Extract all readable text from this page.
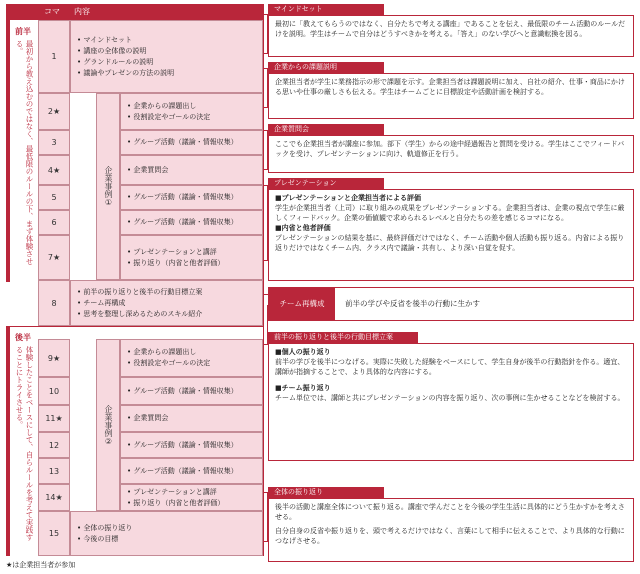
コマ	内容
前半
最初から教え込むのではなく、最低限のルールの下、まず体験させる。
後半
体験したことをベースにして、自らルールを考えて実践することにトライさせる。
1
• マインドセット
• 講座の全体像の説明
• グランドルールの説明
• 議論やプレゼンの方法の説明
2★
• 企業からの課題出し
• 役割設定やゴールの決定
3	• グループ活動（議論・情報収集）
4★	• 企業質問会
5	• グループ活動（議論・情報収集）
6	• グループ活動（議論・情報収集）
7★
• プレゼンテーションと講評
• 振り返り（内省と他者評価）
8
• 前半の振り返りと後半の行動目標立案
• チーム再構成
• 思考を整理し深めるためのスキル紹介
9★
• 企業からの課題出し
• 役割設定やゴールの決定
10	• グループ活動（議論・情報収集）
11★	• 企業質問会
12	• グループ活動（議論・情報収集）
13	• グループ活動（議論・情報収集）
14★
• プレゼンテーションと講評
• 振り返り（内省と他者評価）
15
• 全体の振り返り
• 今後の目標
企業事例①
企業事例②
★は企業担当者が参加
マインドセット

最初に「教えてもらうのではなく、自分たちで考える講座」であることを伝え、最低限のチーム活動のルールだけを説明。学生はチームで自分はどうすべきかを考える。「答え」のない学びへと意識転換を図る。

企業からの課題説明

企業担当者が学生に業務指示の形で課題を示す。企業担当者は課題説明に加え、自社の紹介、仕事・商品にかける思いや仕事の厳しさも伝える。学生はチームごとに目標設定や活動計画を検討する。

企業質問会

ここでも企業担当者が講座に参加。部下（学生）からの途中経過報告と質問を受ける。学生はここでフィードバックを受け、プレゼンテーションに向け、軌道修正を行う。

プレゼンテーション
■プレゼンテーションと企業担当者による評価

学生が企業担当者（上司）に取り組みの成果をプレゼンテーションする。企業担当者は、企業の視点で学生に厳しくフィードバック。企業の価値観で求められるレベルと自分たちの差を感じるコマになる。

■内省と他者評価

プレゼンテーションの結果を基に、最終評価だけではなく、チーム活動や個人活動も振り返る。内省による振り返りだけではなくチーム内、クラス内で議論・共有し、より深い自覚を促す。

チーム再構成	前半の学びや反省を後半の行動に生かす
前半の振り返りと後半の行動目標立案
■個人の振り返り

前半の学びを後半につなげる。実際に失敗した経験をベースにして、学生自身が後半の行動指針を作る。適宜、講師が指摘することで、より具体的な内容にする。

■チーム振り返り

チーム単位では、講師と共にプレゼンテーションの内容を振り返り、次の事例に生かせることなどを検討する。

全体の振り返り

後半の活動と講座全体について振り返る。講座で学んだことを今後の学生生活に具体的にどう生かすかを考えさせる。

自分自身の反省や振り返りを、頭で考えるだけではなく、言葉にして相手に伝えることで、より具体的な行動につなげさせる。
